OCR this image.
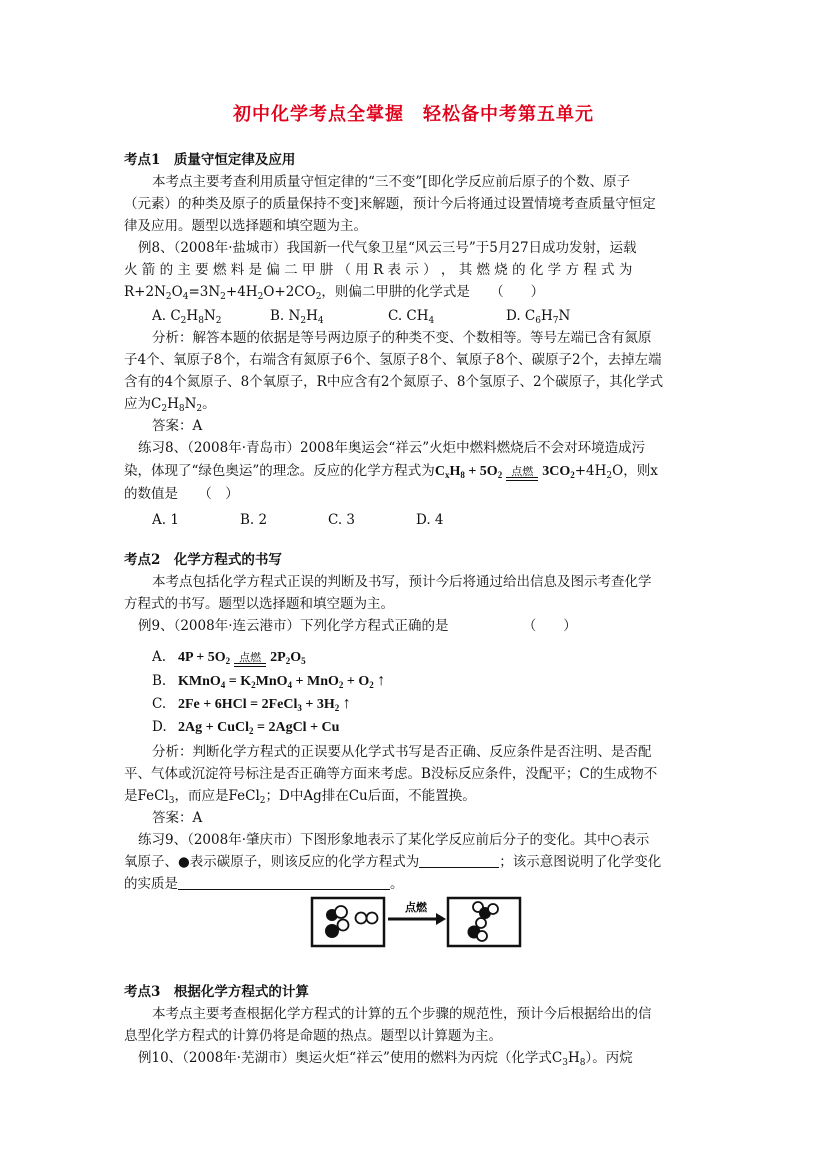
初中化学考点全掌握　轻松备中考第五单元
考点1　质量守恒定律及应用
本考点主要考查利用质量守恒定律的“三不变”[即化学反应前后原子的个数、原子
（元素）的种类及原子的质量保持不变]来解题，预计今后将通过设置情境考查质量守恒定
律及应用。题型以选择题和填空题为主。
例8、（2008年·盐城市）我国新一代气象卫星“风云三号”于5月27日成功发射，运载
火 箭 的 主 要 燃 料 是 偏 二 甲 肼 （ 用 R 表 示 ） ， 其 燃 烧 的 化 学 方 程 式 为
$R+2N_2O_4=3N_2+4H_2O+2CO_2$，则偏二甲肼的化学式是　　（　　）
A. $C_2H_8N_2$	B. $N_2H_4$	C. $CH_4$	D. $C_6H_7N$
分析：解答本题的依据是等号两边原子的种类不变、个数相等。等号左端已含有氮原
子4个、氧原子8个，右端含有氮原子6个、氢原子8个、氧原子8个、碳原子2个，去掉左端
含有的4个氮原子、8个氧原子，R中应含有2个氮原子、8个氢原子、2个碳原子，其化学式
应为$C_2H_8N_2$。
答案：A
练习8、（2008年·青岛市）2008年奥运会“祥云”火炬中燃料燃烧后不会对环境造成污
染，体现了“绿色奥运”的理念。反应的化学方程式为$C_xH_8 + 5O_2$ 点燃 $3CO_2+4H_2O$，则x
的数值是　　（　）
A. 1	B. 2	C. 3	D. 4
考点2　化学方程式的书写
本考点包括化学方程式正误的判断及书写，预计今后将通过给出信息及图示考查化学
方程式的书写。题型以选择题和填空题为主。
例9、（2008年·连云港市）下列化学方程式正确的是　　　　　　（　　）
A. $4P + 5O_2$ 点燃 $2P_2O_5$
B. KMnO$_4$ = $K_2MnO_4 + MnO_2 + O_2$ ↑
C. 2Fe + 6HCl = 2FeCl$_3$ + $3H_2$ ↑
D. 2Ag + CuCl$_2$ = 2AgCl + Cu
分析：判断化学方程式的正误要从化学式书写是否正确、反应条件是否注明、是否配
平、气体或沉淀符号标注是否正确等方面来考虑。B没标反应条件，没配平；C的生成物不
是FeCl$_3$，而应是FeCl$_2$；D中Ag排在Cu后面，不能置换。
答案：A
练习9、（2008年·肇庆市）下图形象地表示了某化学反应前后分子的变化。其中○表示
氧原子、●表示碳原子，则该反应的化学方程式为	；该示意图说明了化学变化
的实质是	。
点燃
考点3　根据化学方程式的计算
本考点主要考查根据化学方程式的计算的五个步骤的规范性，预计今后根据给出的信
息型化学方程式的计算仍将是命题的热点。题型以计算题为主。
例10、（2008年·芜湖市）奥运火炬“祥云”使用的燃料为丙烷（化学式$C_3H_8$）。丙烷
